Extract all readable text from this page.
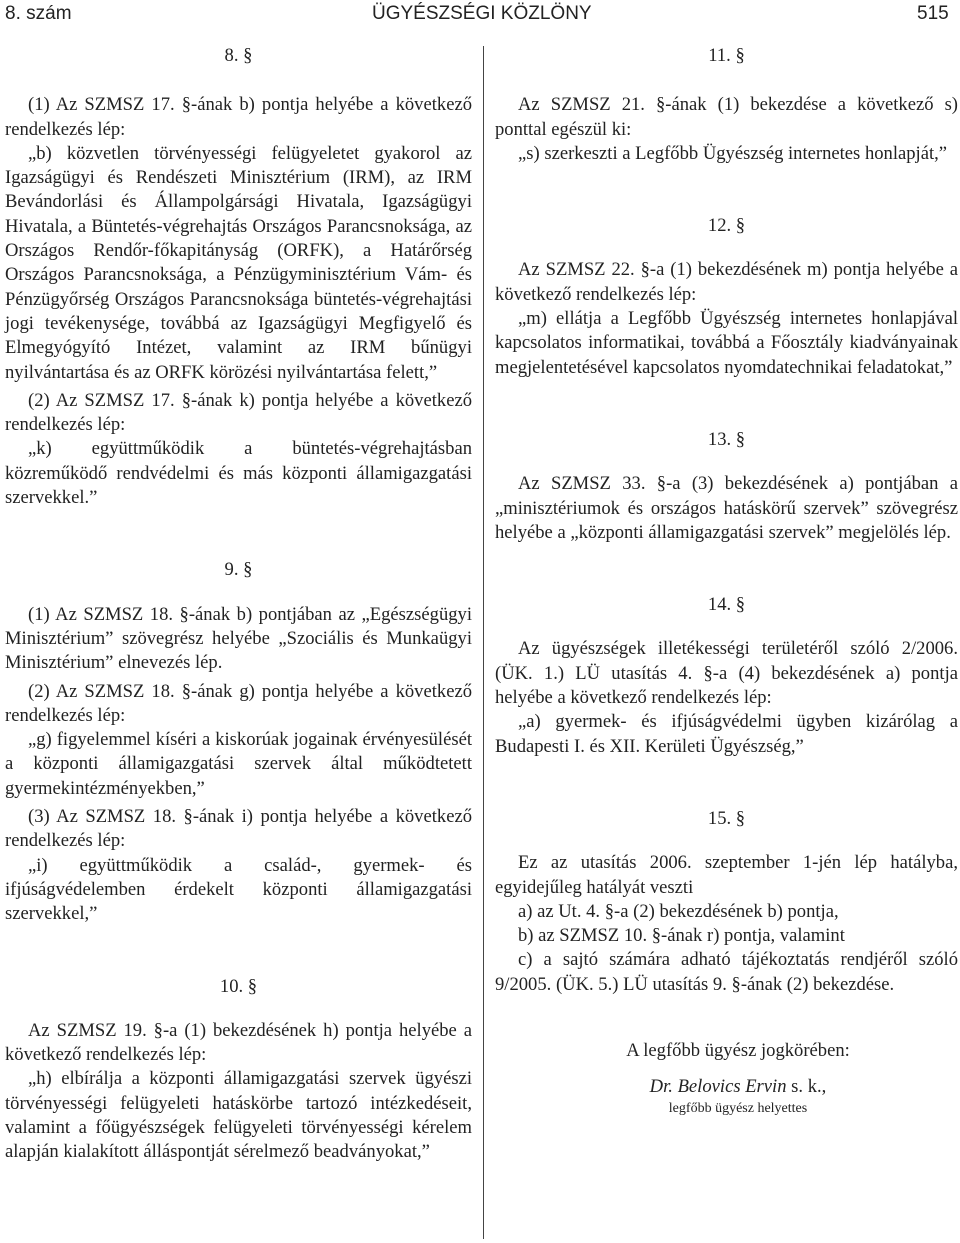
8. szám	ÜGYÉSZSÉGI KÖZLÖNY	515

8. §

(1) Az SZMSZ 17. §-ának b) pontja helyébe a következő rendelkezés lép:

„b) közvetlen törvényességi felügyeletet gyakorol az Igazságügyi és Rendészeti Minisztérium (IRM), az IRM Bevándorlási és Állampolgársági Hivatala, Igazságügyi Hivatala, a Büntetés-végrehajtás Országos Parancsnoksága, az Országos Rendőr-főkapitányság (ORFK), a Határőrség Országos Parancsnoksága, a Pénzügyminisztérium Vám- és Pénzügyőrség Országos Parancsnoksága büntetés-végrehajtási jogi tevékenysége, továbbá az Igazságügyi Megfigyelő és Elmegyógyító Intézet, valamint az IRM bűnügyi nyilvántartása és az ORFK körözési nyilvántartása felett,”

(2) Az SZMSZ 17. §-ának k) pontja helyébe a következő rendelkezés lép:

„k) együttműködik a büntetés-végrehajtásban közreműködő rendvédelmi és más központi államigazgatási szervekkel.”

9. §

(1) Az SZMSZ 18. §-ának b) pontjában az „Egészségügyi Minisztérium” szövegrész helyébe „Szociális és Munkaügyi Minisztérium” elnevezés lép.

(2) Az SZMSZ 18. §-ának g) pontja helyébe a következő rendelkezés lép:

„g) figyelemmel kíséri a kiskorúak jogainak érvényesülését a központi államigazgatási szervek által működtetett gyermekintézményekben,”

(3) Az SZMSZ 18. §-ának i) pontja helyébe a következő rendelkezés lép:

„i) együttműködik a család-, gyermek- és ifjúságvédelemben érdekelt központi államigazgatási szervekkel,”

10. §

Az SZMSZ 19. §-a (1) bekezdésének h) pontja helyébe a következő rendelkezés lép:

„h) elbírálja a központi államigazgatási szervek ügyészi törvényességi felügyeleti hatáskörbe tartozó intézkedéseit, valamint a főügyészségek felügyeleti törvényességi kérelem alapján kialakított álláspontját sérelmező beadványokat,”

11. §

Az SZMSZ 21. §-ának (1) bekezdése a következő s) ponttal egészül ki:

„s) szerkeszti a Legfőbb Ügyészség internetes honlapját,”

12. §

Az SZMSZ 22. §-a (1) bekezdésének m) pontja helyébe a következő rendelkezés lép:

„m) ellátja a Legfőbb Ügyészség internetes honlapjával kapcsolatos informatikai, továbbá a Főosztály kiadványainak megjelentetésével kapcsolatos nyomdatechnikai feladatokat,”

13. §

Az SZMSZ 33. §-a (3) bekezdésének a) pontjában a „minisztériumok és országos hatáskörű szervek” szövegrész helyébe a „központi államigazgatási szervek” megjelölés lép.

14. §

Az ügyészségek illetékességi területéről szóló 2/2006. (ÜK. 1.) LÜ utasítás 4. §-a (4) bekezdésének a) pontja helyébe a következő rendelkezés lép:

„a) gyermek- és ifjúságvédelmi ügyben kizárólag a Budapesti I. és XII. Kerületi Ügyészség,”

15. §

Ez az utasítás 2006. szeptember 1-jén lép hatályba, egyidejűleg hatályát veszti

a) az Ut. 4. §-a (2) bekezdésének b) pontja,

b) az SZMSZ 10. §-ának r) pontja, valamint

c) a sajtó számára adható tájékoztatás rendjéről szóló 9/2005. (ÜK. 5.) LÜ utasítás 9. §-ának (2) bekezdése.

A legfőbb ügyész jogkörében:

Dr. Belovics Ervin s. k.,

legfőbb ügyész helyettes
